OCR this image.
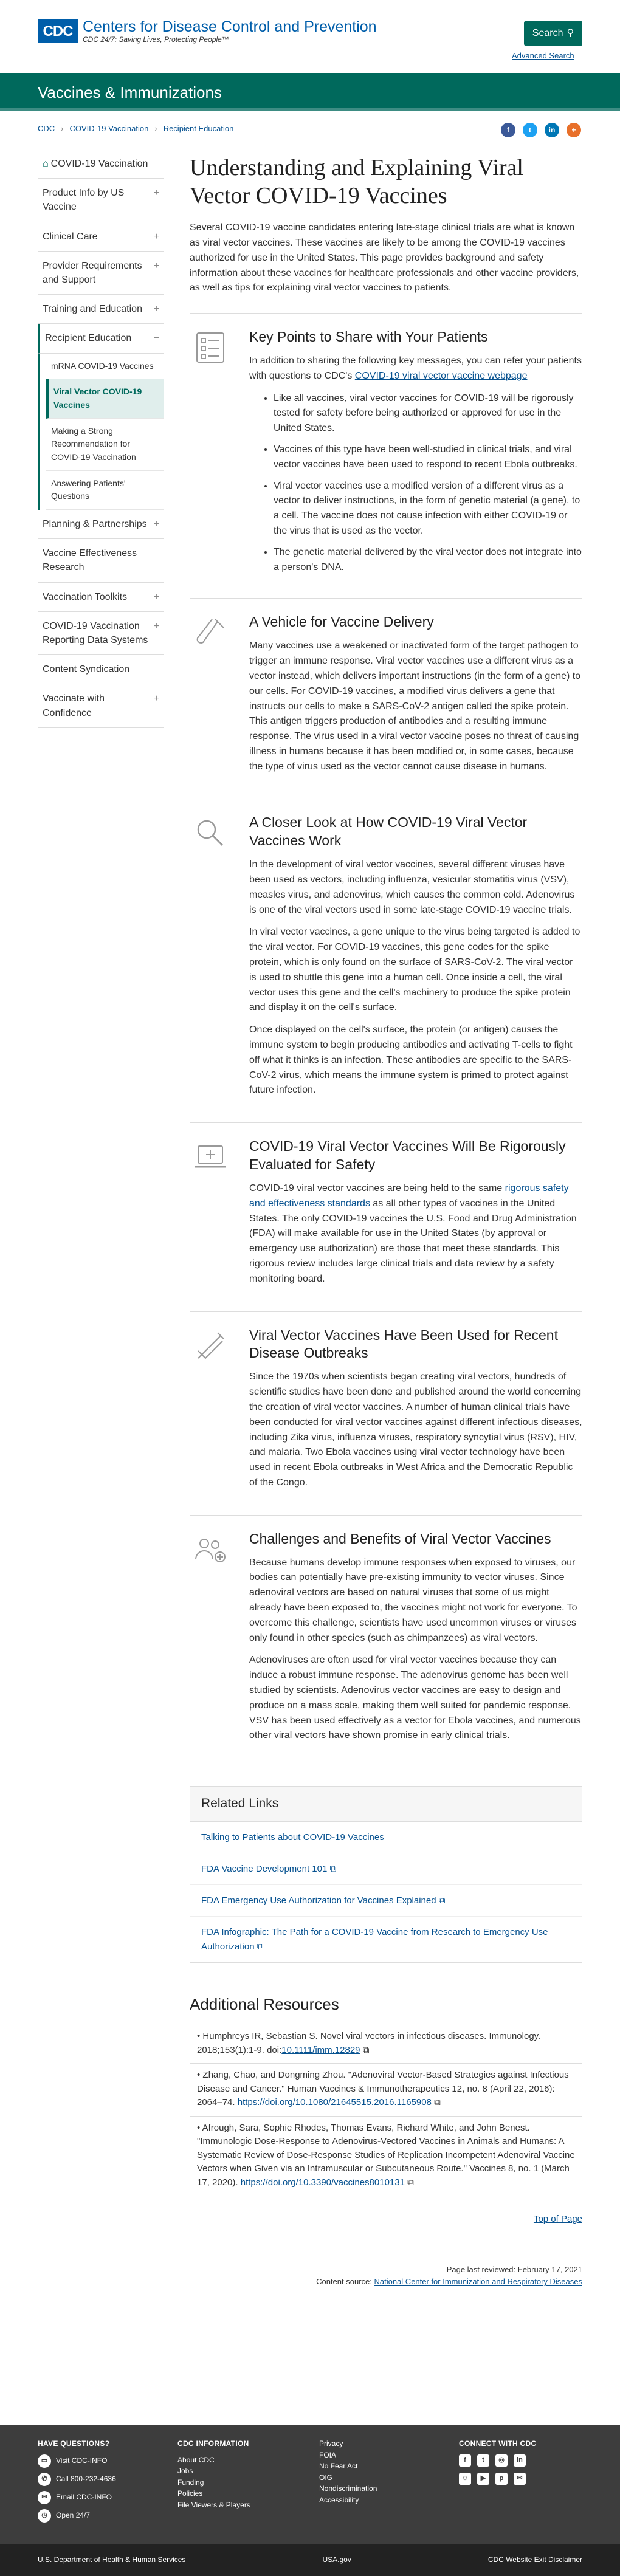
CDC Centers for Disease Control and Prevention
CDC 24/7: Saving Lives, Protecting People™
Search ⚲
Advanced Search
Vaccines & Immunizations
CDC › COVID-19 Vaccination › Recipient Education	f	t	in	+
⌂ COVID-19 Vaccination
Product Info by US Vaccine
+
Clinical Care	+
Provider Requirements and Support
+
Training and Education +
Recipient Education −
mRNA COVID-19 Vaccines
Viral Vector COVID-19 Vaccines
Making a Strong Recommendation for COVID-19 Vaccination
Answering Patients' Questions
Planning & Partnerships +
Vaccine Effectiveness Research
Vaccination Toolkits	+
COVID-19 Vaccination Reporting Data Systems
+
Content Syndication
Vaccinate with Confidence
+
Understanding and Explaining Viral Vector COVID-19 Vaccines

Several COVID-19 vaccine candidates entering late-stage clinical trials are what is known as viral vector vaccines. These vaccines are likely to be among the COVID-19 vaccines authorized for use in the United States. This page provides background and safety information about these vaccines for healthcare professionals and other vaccine providers, as well as tips for explaining viral vector vaccines to patients.

Key Points to Share with Your Patients

In addition to sharing the following key messages, you can refer your patients with questions to CDC's COVID-19 viral vector vaccine webpage

• Like all vaccines, viral vector vaccines for COVID-19 will be rigorously tested for safety before being authorized or approved for use in the United States.
• Vaccines of this type have been well-studied in clinical trials, and viral vector vaccines have been used to respond to recent Ebola outbreaks.
• Viral vector vaccines use a modified version of a different virus as a vector to deliver instructions, in the form of genetic material (a gene), to a cell. The vaccine does not cause infection with either COVID-19 or the virus that is used as the vector.
• The genetic material delivered by the viral vector does not integrate into a person's DNA.
A Vehicle for Vaccine Delivery

Many vaccines use a weakened or inactivated form of the target pathogen to trigger an immune response. Viral vector vaccines use a different virus as a vector instead, which delivers important instructions (in the form of a gene) to our cells. For COVID-19 vaccines, a modified virus delivers a gene that instructs our cells to make a SARS-CoV-2 antigen called the spike protein. This antigen triggers production of antibodies and a resulting immune response. The virus used in a viral vector vaccine poses no threat of causing illness in humans because it has been modified or, in some cases, because the type of virus used as the vector cannot cause disease in humans.

A Closer Look at How COVID-19 Viral Vector Vaccines Work

In the development of viral vector vaccines, several different viruses have been used as vectors, including influenza, vesicular stomatitis virus (VSV), measles virus, and adenovirus, which causes the common cold. Adenovirus is one of the viral vectors used in some late-stage COVID-19 vaccine trials.

In viral vector vaccines, a gene unique to the virus being targeted is added to the viral vector. For COVID-19 vaccines, this gene codes for the spike protein, which is only found on the surface of SARS-CoV-2. The viral vector is used to shuttle this gene into a human cell. Once inside a cell, the viral vector uses this gene and the cell's machinery to produce the spike protein and display it on the cell's surface.

Once displayed on the cell's surface, the protein (or antigen) causes the immune system to begin producing antibodies and activating T-cells to fight off what it thinks is an infection. These antibodies are specific to the SARS-CoV-2 virus, which means the immune system is primed to protect against future infection.

COVID-19 Viral Vector Vaccines Will Be Rigorously Evaluated for Safety

COVID-19 viral vector vaccines are being held to the same rigorous safety and effectiveness standards as all other types of vaccines in the United States. The only COVID-19 vaccines the U.S. Food and Drug Administration (FDA) will make available for use in the United States (by approval or emergency use authorization) are those that meet these standards. This rigorous review includes large clinical trials and data review by a safety monitoring board.

Viral Vector Vaccines Have Been Used for Recent Disease Outbreaks

Since the 1970s when scientists began creating viral vectors, hundreds of scientific studies have been done and published around the world concerning the creation of viral vector vaccines. A number of human clinical trials have been conducted for viral vector vaccines against different infectious diseases, including Zika virus, influenza viruses, respiratory syncytial virus (RSV), HIV, and malaria. Two Ebola vaccines using viral vector technology have been used in recent Ebola outbreaks in West Africa and the Democratic Republic of the Congo.

Challenges and Benefits of Viral Vector Vaccines

Because humans develop immune responses when exposed to viruses, our bodies can potentially have pre-existing immunity to vector viruses. Since adenoviral vectors are based on natural viruses that some of us might already have been exposed to, the vaccines might not work for everyone. To overcome this challenge, scientists have used uncommon viruses or viruses only found in other species (such as chimpanzees) as viral vectors.

Adenoviruses are often used for viral vector vaccines because they can induce a robust immune response. The adenovirus genome has been well studied by scientists. Adenovirus vector vaccines are easy to design and produce on a mass scale, making them well suited for pandemic response. VSV has been used effectively as a vector for Ebola vaccines, and numerous other viral vectors have shown promise in early clinical trials.

Related Links
Talking to Patients about COVID-19 Vaccines
FDA Vaccine Development 101 ⧉
FDA Emergency Use Authorization for Vaccines Explained ⧉
FDA Infographic: The Path for a COVID-19 Vaccine from Research to Emergency Use Authorization ⧉
Additional Resources
• Humphreys IR, Sebastian S. Novel viral vectors in infectious diseases. Immunology. 2018;153(1):1-9. doi:10.1111/imm.12829 ⧉
• Zhang, Chao, and Dongming Zhou. "Adenoviral Vector-Based Strategies against Infectious Disease and Cancer." Human Vaccines & Immunotherapeutics 12, no. 8 (April 22, 2016): 2064–74. https://doi.org/10.1080/21645515.2016.1165908 ⧉
• Afrough, Sara, Sophie Rhodes, Thomas Evans, Richard White, and John Benest. "Immunologic Dose-Response to Adenovirus-Vectored Vaccines in Animals and Humans: A Systematic Review of Dose-Response Studies of Replication Incompetent Adenoviral Vaccine Vectors when Given via an Intramuscular or Subcutaneous Route." Vaccines 8, no. 1 (March 17, 2020). https://doi.org/10.3390/vaccines8010131 ⧉
Top of Page
Page last reviewed: February 17, 2021
Content source: National Center for Immunization and Respiratory Diseases
HAVE QUESTIONS?
▭	Visit CDC-INFO
✆	Call 800-232-4636
✉	Email CDC-INFO
◷	Open 24/7
CDC INFORMATION
About CDC
Jobs
Funding
Policies
File Viewers & Players
Privacy
FOIA
No Fear Act
OIG
Nondiscrimination
Accessibility
CONNECT WITH CDC
f	t	◎	in
☺	▶	p	✉
U.S. Department of Health & Human Services	USA.gov	CDC Website Exit Disclaimer
